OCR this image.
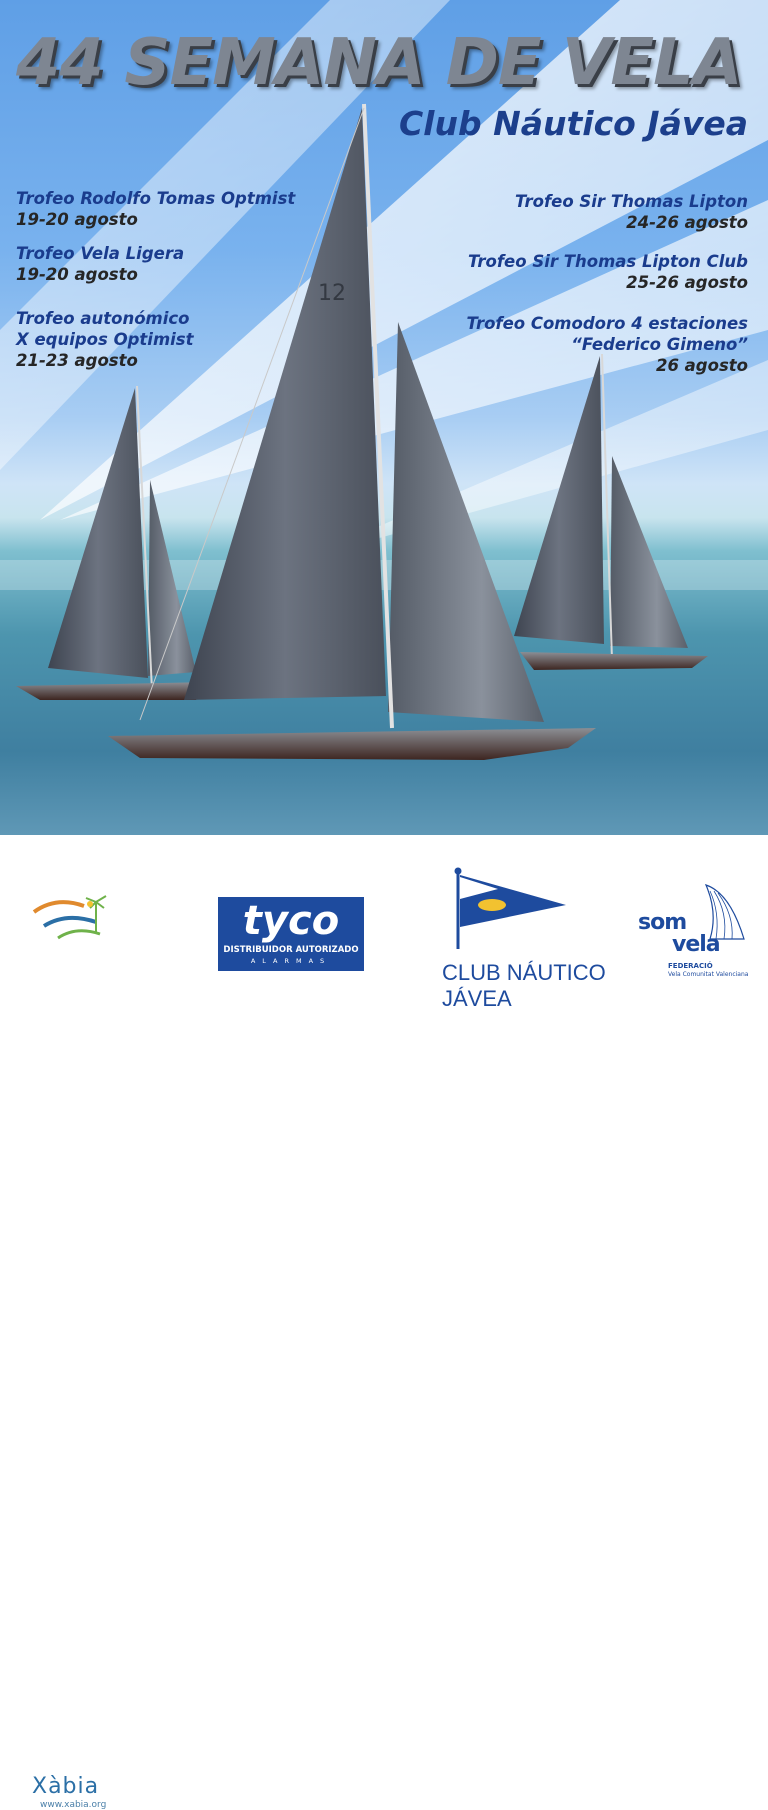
12
44 SEMANA DE VELA
Club Náutico Jávea
Trofeo Rodolfo Tomas Optmist
19-20 agosto
Trofeo Vela Ligera
19-20 agosto
Trofeo autonómico
X equipos Optimist
21-23 agosto
Trofeo Sir Thomas Lipton
24-26 agosto
Trofeo Sir Thomas Lipton Club
25-26 agosto
Trofeo Comodoro 4 estaciones
“Federico Gimeno”
26 agosto
Xàbia
www.xabia.org
tyco
DISTRIBUIDOR AUTORIZADO
ALARMAS	CLUB NÁUTICO
JÁVEA
som
vela
FEDERACIÓ
Vela Comunitat Valenciana
